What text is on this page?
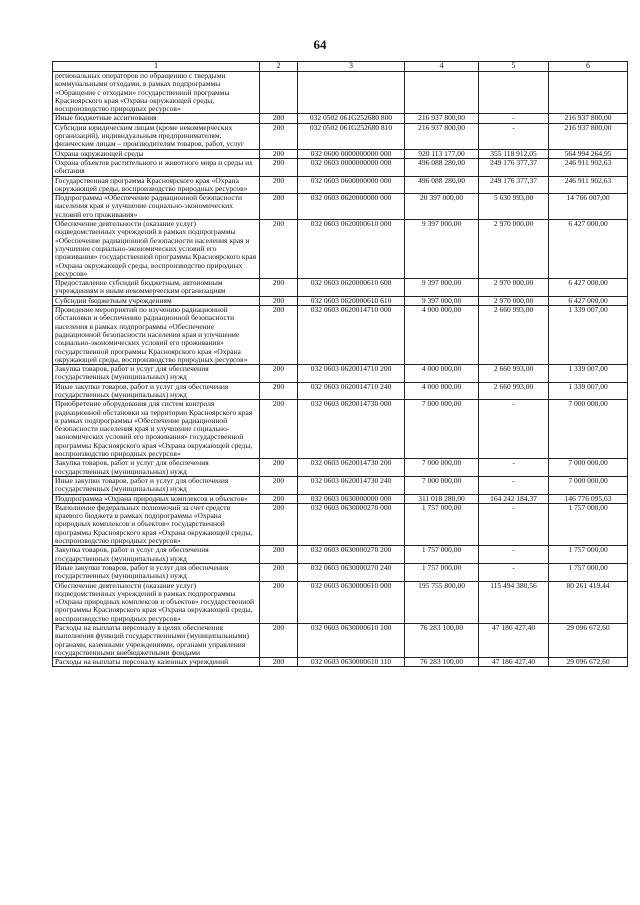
64
1	2	3	4	5	6
региональных операторов по обращению с твердыми коммунальными отходами, в рамках подпрограммы «Обращение с отходами» государственной программы Красноярского края «Охрана окружающей среды, воспроизводство природных ресурсов»					
Иные бюджетные ассигнования	200	032 0502 061G252680 800	216 937 800,00	-	216 937 800,00
Субсидии юридическим лицам (кроме некоммерческих организаций), индивидуальным предпринимателям, физическим лицам – производителям товаров, работ, услуг	200	032 0502 061G252680 810	216 937 800,00	-	216 937 800,00
Охрана окружающей среды	200	032 0600 0000000000 000	920 113 177,00	355 118 912,05	564 994 264,95
Охрана объектов растительного и животного мира и среды их обитания	200	032 0603 0000000000 000	496 088 280,00	249 176 377,37	246 911 902,63
Государственная программа Красноярского края «Охрана окружающей среды, воспроизводство природных ресурсов»	200	032 0603 0600000000 000	496 088 280,00	249 176 377,37	246 911 902,63
Подпрограмма «Обеспечение радиационной безопасности населения края и улучшение социально-экономических условий его проживания»	200	032 0603 0620000000 000	20 397 000,00	5 630 993,00	14 766 007,00
Обеспечение деятельности (оказание услуг) подведомственных учреждений в рамках подпрограммы «Обеспечение радиационной безопасности населения края и улучшение социально-экономических условий его проживания» государственной программы Красноярского края «Охрана окружающей среды, воспроизводство природных ресурсов»	200	032 0603 0620000610 000	9 397 000,00	2 970 000,00	6 427 000,00
Предоставление субсидий бюджетным, автономным учреждениям и иным некоммерческим организациям	200	032 0603 0620000610 600	9 397 000,00	2 970 000,00	6 427 000,00
Субсидии бюджетным учреждениям	200	032 0603 0620000610 610	9 397 000,00	2 970 000,00	6 427 000,00
Проведение мероприятий по изучению радиационной обстановки и обеспечению радиационной безопасности населения в рамках подпрограммы «Обеспечение радиационной безопасности населения края и улучшение социально-экономических условий его проживания» государственной программы Красноярского края «Охрана окружающей среды, воспроизводство природных ресурсов»	200	032 0603 0620014710 000	4 000 000,00	2 660 993,00	1 339 007,00
Закупка товаров, работ и услуг для обеспечения государственных (муниципальных) нужд	200	032 0603 0620014710 200	4 000 000,00	2 660 993,00	1 339 007,00
Иные закупки товаров, работ и услуг для обеспечения государственных (муниципальных) нужд	200	032 0603 0620014710 240	4 000 000,00	2 660 993,00	1 339 007,00
Приобретение оборудования для систем контроля радиационной обстановки на территории Красноярского края в рамках подпрограммы «Обеспечение радиационной безопасности населения края и улучшение социально-экономических условий его проживания» государственной программы Красноярского края «Охрана окружающей среды, воспроизводство природных ресурсов»	200	032 0603 0620014730 000	7 000 000,00	-	7 000 000,00
Закупка товаров, работ и услуг для обеспечения государственных (муниципальных) нужд	200	032 0603 0620014730 200	7 000 000,00	-	7 000 000,00
Иные закупки товаров, работ и услуг для обеспечения государственных (муниципальных) нужд	200	032 0603 0620014730 240	7 000 000,00	-	7 000 000,00
Подпрограмма «Охрана природных комплексов и объектов»	200	032 0603 0630000000 000	311 018 280,00	164 242 184,37	146 776 095,63
Выполнение федеральных полномочий за счет средств краевого бюджета в рамках подпрограммы «Охрана природных комплексов и объектов» государственной программы Красноярского края «Охрана окружающей среды, воспроизводство природных ресурсов»	200	032 0603 0630000270 000	1 757 000,00	-	1 757 000,00
Закупка товаров, работ и услуг для обеспечения государственных (муниципальных) нужд	200	032 0603 0630000270 200	1 757 000,00	-	1 757 000,00
Иные закупки товаров, работ и услуг для обеспечения государственных (муниципальных) нужд	200	032 0603 0630000270 240	1 757 000,00	-	1 757 000,00
Обеспечение деятельности (оказание услуг) подведомственных учреждений в рамках подпрограммы «Охрана природных комплексов и объектов» государственной программы Красноярского края «Охрана окружающей среды, воспроизводство природных ресурсов»	200	032 0603 0630000610 000	195 755 800,00	115 494 380,56	80 261 419,44
Расходы на выплаты персоналу в целях обеспечения выполнения функций государственными (муниципальными) органами, казенными учреждениями, органами управления государственными внебюджетными фондами	200	032 0603 0630000610 100	76 283 100,00	47 186 427,40	29 096 672,60
Расходы на выплаты персоналу казенных учреждений	200	032 0603 0630000610 110	76 283 100,00	47 186 427,40	29 096 672,60
